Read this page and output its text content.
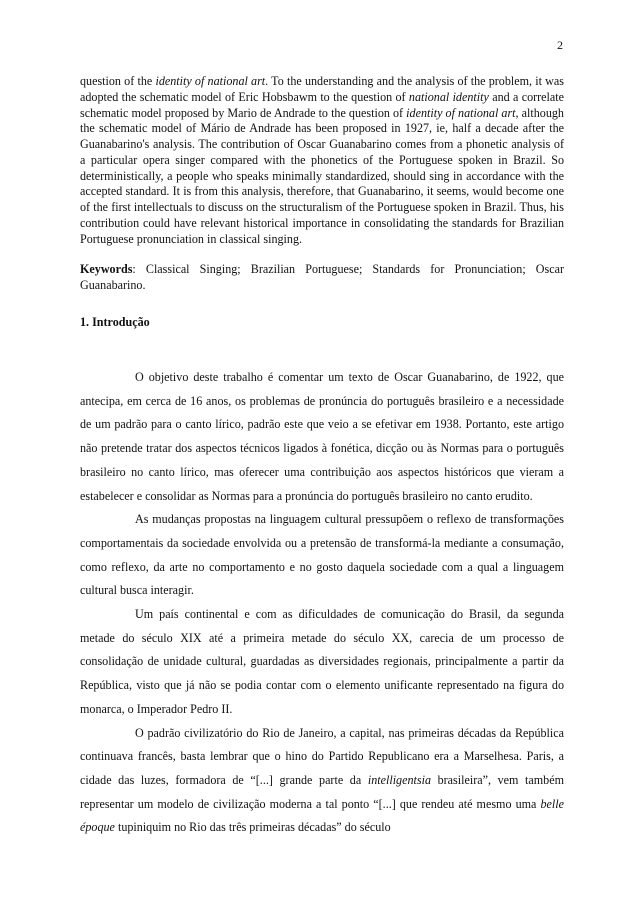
2

question of the identity of national art. To the understanding and the analysis of the problem, it was adopted the schematic model of Eric Hobsbawm to the question of national identity and a correlate schematic model proposed by Mario de Andrade to the question of identity of national art, although the schematic model of Mário de Andrade has been proposed in 1927, ie, half a decade after the Guanabarino's analysis. The contribution of Oscar Guanabarino comes from a phonetic analysis of a particular opera singer compared with the phonetics of the Portuguese spoken in Brazil. So deterministically, a people who speaks minimally standardized, should sing in accordance with the accepted standard. It is from this analysis, therefore, that Guanabarino, it seems, would become one of the first intellectuals to discuss on the structuralism of the Portuguese spoken in Brazil. Thus, his contribution could have relevant historical importance in consolidating the standards for Brazilian Portuguese pronunciation in classical singing.

Keywords: Classical Singing; Brazilian Portuguese; Standards for Pronunciation; Oscar Guanabarino.

1. Introdução

O objetivo deste trabalho é comentar um texto de Oscar Guanabarino, de 1922, que antecipa, em cerca de 16 anos, os problemas de pronúncia do português brasileiro e a necessidade de um padrão para o canto lírico, padrão este que veio a se efetivar em 1938. Portanto, este artigo não pretende tratar dos aspectos técnicos ligados à fonética, dicção ou às Normas para o português brasileiro no canto lírico, mas oferecer uma contribuição aos aspectos históricos que vieram a estabelecer e consolidar as Normas para a pronúncia do português brasileiro no canto erudito.

As mudanças propostas na linguagem cultural pressupõem o reflexo de transformações comportamentais da sociedade envolvida ou a pretensão de transformá-la mediante a consumação, como reflexo, da arte no comportamento e no gosto daquela sociedade com a qual a linguagem cultural busca interagir.

Um país continental e com as dificuldades de comunicação do Brasil, da segunda metade do século XIX até a primeira metade do século XX, carecia de um processo de consolidação de unidade cultural, guardadas as diversidades regionais, principalmente a partir da República, visto que já não se podia contar com o elemento unificante representado na figura do monarca, o Imperador Pedro II.

O padrão civilizatório do Rio de Janeiro, a capital, nas primeiras décadas da República continuava francês, basta lembrar que o hino do Partido Republicano era a Marselhesa. Paris, a cidade das luzes, formadora de “[...] grande parte da intelligentsia brasileira”, vem também representar um modelo de civilização moderna a tal ponto “[...] que rendeu até mesmo uma belle époque tupiniquim no Rio das três primeiras décadas” do século
